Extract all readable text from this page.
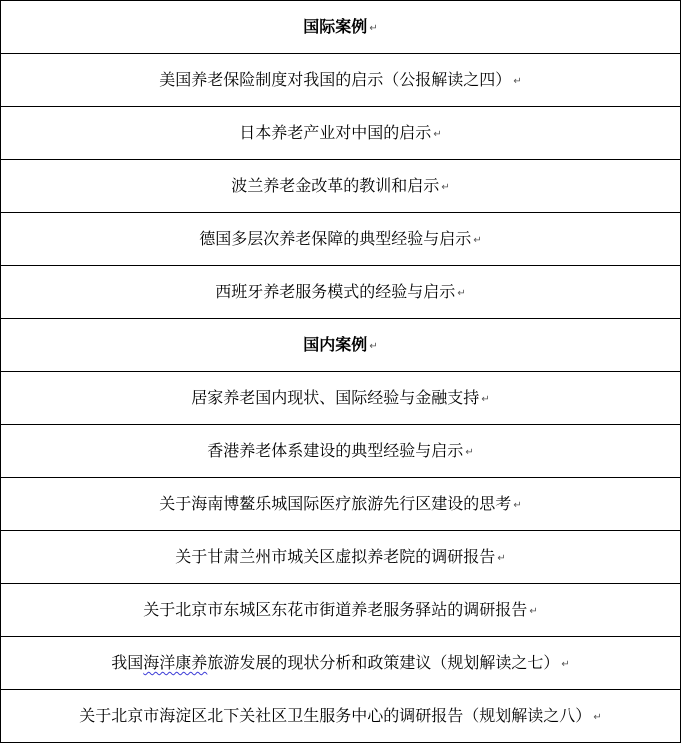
国际案例 ↵
美国养老保险制度对我国的启示（公报解读之四） ↵
日本养老产业对中国的启示 ↵
波兰养老金改革的教训和启示 ↵
德国多层次养老保障的典型经验与启示 ↵
西班牙养老服务模式的经验与启示 ↵
国内案例 ↵
居家养老国内现状、国际经验与金融支持 ↵
香港养老体系建设的典型经验与启示 ↵
关于海南博鳌乐城国际医疗旅游先行区建设的思考 ↵
关于甘肃兰州市城关区虚拟养老院的调研报告 ↵
关于北京市东城区东花市街道养老服务驿站的调研报告 ↵
我国海洋康养旅游发展的现状分析和政策建议（规划解读之七） ↵
关于北京市海淀区北下关社区卫生服务中心的调研报告（规划解读之八） ↵
